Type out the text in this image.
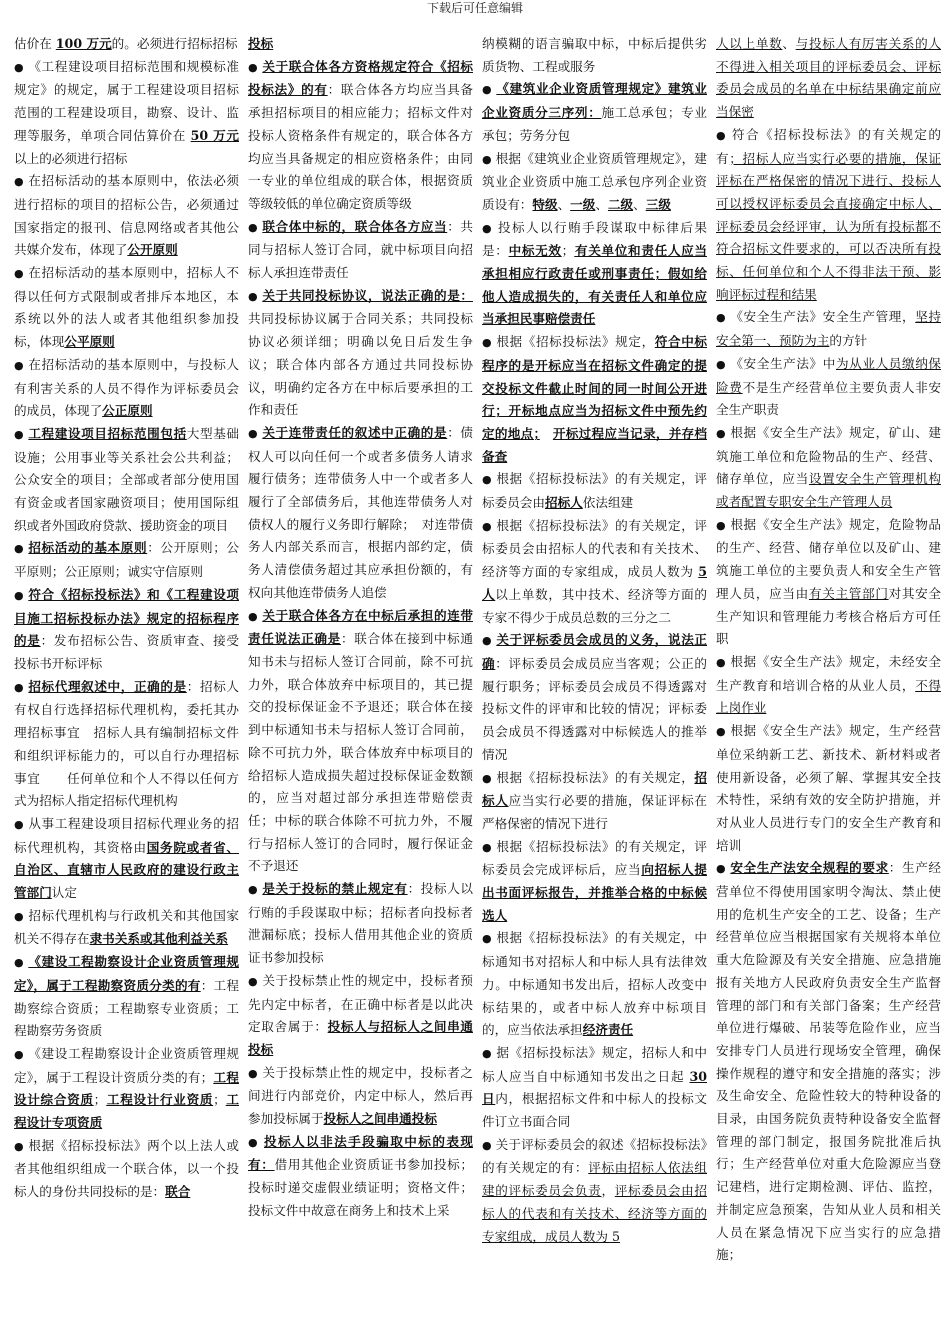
下载后可任意编辑

估价在 100 万元的。必须进行招标招标

● 《工程建设项目招标范围和规模标准规定》的规定，属于工程建设项目招标范围的工程建设项目，勘察、设计、监理等服务，单项合同估算价在 50 万元以上的必须进行招标

● 在招标活动的基本原则中，依法必须进行招标的项目的招标公告，必须通过国家指定的报刊、信息网络或者其他公共媒介发布，体现了公开原则

● 在招标活动的基本原则中，招标人不得以任何方式限制或者排斥本地区，本系统以外的法人或者其他组织参加投标，体现公平原则

● 在招标活动的基本原则中，与投标人有利害关系的人员不得作为评标委员会的成员，体现了公正原则

● 工程建设项目招标范围包括大型基础设施；公用事业等关系社会公共利益；公众安全的项目；全部或者部分使用国有资金或者国家融资项目；使用国际组织或者外国政府贷款、援助资金的项目

● 招标活动的基本原则：公开原则；公平原则；公正原则；诚实守信原则

● 符合《招标投标法》和《工程建设项目施工招标投标办法》规定的招标程序的是：发布招标公告、资质审查、接受投标书开标评标

● 招标代理叙述中，正确的是：招标人有权自行选择招标代理机构，委托其办理招标事宜　招标人具有编制招标文件和组织评标能力的，可以自行办理招标事宜　　任何单位和个人不得以任何方式为招标人指定招标代理机构

● 从事工程建设项目招标代理业务的招标代理机构，其资格由国务院或者省、自治区、直辖市人民政府的建设行政主管部门认定

● 招标代理机构与行政机关和其他国家机关不得存在隶书关系或其他利益关系

● 《建设工程勘察设计企业资质管理规定》，属于工程勘察资质分类的有：工程勘察综合资质；工程勘察专业资质；工程勘察劳务资质

● 《建设工程勘察设计企业资质管理规定》，属于工程设计资质分类的有；工程设计综合资质；工程设计行业资质；工程设计专项资质

● 根据《招标投标法》两个以上法人或者其他组织组成一个联合体，以一个投标人的身份共同投标的是：联合

投标

● 关于联合体各方资格规定符合《招标投标法》的有：联合体各方均应当具备承担招标项目的相应能力；招标文件对投标人资格条件有规定的，联合体各方均应当具备规定的相应资格条件；由同一专业的单位组成的联合体，根据资质等级较低的单位确定资质等级

● 联合体中标的，联合体各方应当：共同与招标人签订合同，就中标项目向招标人承担连带责任

● 关于共同投标协议，说法正确的是：共同投标协议属于合同关系；共同投标协议必须详细；明确以免日后发生争议；联合体内部各方通过共同投标协议，明确约定各方在中标后要承担的工作和责任

● 关于连带责任的叙述中正确的是：债权人可以向任何一个或者多债务人请求履行债务；连带债务人中一个或者多人履行了全部债务后，其他连带债务人对债权人的履行义务即行解除；　对连带债务人内部关系而言，根据内部约定，债务人清偿债务超过其应承担份额的，有权向其他连带债务人追偿

● 关于联合体各方在中标后承担的连带责任说法正确是：联合体在接到中标通知书未与招标人签订合同前，除不可抗力外，联合体放弃中标项目的，其已提交的投标保证金不予退还；联合体在接到中标通知书未与招标人签订合同前，除不可抗力外，联合体放弃中标项目的给招标人造成损失超过投标保证金数额的，应当对超过部分承担连带赔偿责任；中标的联合体除不可抗力外，不履行与招标人签订的合同时，履行保证金不予退还

● 是关于投标的禁止规定有：投标人以行贿的手段谋取中标；招标者向投标者泄漏标底；投标人借用其他企业的资质证书参加投标

● 关于投标禁止性的规定中，投标者预先内定中标者，在正确中标者是以此决定取舍属于：投标人与招标人之间串通投标

● 关于投标禁止性的规定中，投标者之间进行内部竞价，内定中标人，然后再参加投标属于投标人之间串通投标

● 投标人以非法手段骗取中标的表现有：借用其他企业资质证书参加投标；投标时递交虚假业绩证明；资格文件；投标文件中故意在商务上和技术上采

纳模糊的语言骗取中标，中标后提供劣质货物、工程或服务

● 《建筑业企业资质管理规定》建筑业企业资质分三序列：施工总承包；专业承包；劳务分包

● 根据《建筑业企业资质管理规定》，建筑业企业资质中施工总承包序列企业资质设有：特级、一级、二级、三级

● 投标人以行贿手段谋取中标律后果是：中标无效；有关单位和责任人应当承担相应行政责任或刑事责任；假如给他人造成损失的，有关责任人和单位应当承担民事赔偿责任

● 根据《招标投标法》规定，符合中标程序的是开标应当在招标文件确定的提交投标文件截止时间的同一时间公开进行；开标地点应当为招标文件中预先约定的地点；　 开标过程应当记录，并存档备查

● 根据《招标投标法》的有关规定，评标委员会由招标人依法组建

● 根据《招标投标法》的有关规定，评标委员会由招标人的代表和有关技术、经济等方面的专家组成，成员人数为 5 人以上单数，其中技术、经济等方面的专家不得少于成员总数的三分之二

● 关于评标委员会成员的义务，说法正确：评标委员会成员应当客观；公正的履行职务；评标委员会成员不得透露对投标文件的评审和比较的情况；评标委员会成员不得透露对中标候选人的推举情况

● 根据《招标投标法》的有关规定，招标人应当实行必要的措施，保证评标在严格保密的情况下进行

● 根据《招标投标法》的有关规定，评标委员会完成评标后，应当向招标人提出书面评标报告，并推举合格的中标候选人

● 根据《招标投标法》的有关规定，中标通知书对招标人和中标人具有法律效力。中标通知书发出后，招标人改变中标结果的，或者中标人放弃中标项目的，应当依法承担经济责任

● 据《招标投标法》规定，招标人和中标人应当自中标通知书发出之日起 30 日内，根据招标文件和中标人的投标文件订立书面合同

● 关于评标委员会的叙述《招标投标法》的有关规定的有：评标由招标人依法组建的评标委员会负责，评标委员会由招标人的代表和有关技术、经济等方面的专家组成，成员人数为 5

人以上单数、与投标人有厉害关系的人不得进入相关项目的评标委员会、评标委员会成员的名单在中标结果确定前应当保密

● 符合《招标投标法》的有关规定的有；招标人应当实行必要的措施，保证评标在严格保密的情况下进行、投标人可以授权评标委员会直接确定中标人、评标委员会经评审，认为所有投标都不符合招标文件要求的，可以否决所有投标、任何单位和个人不得非法干预、影响评标过程和结果

● 《安全生产法》安全生产管理，坚持安全第一、预防为主的方针

● 《安全生产法》中为从业人员缴纳保险费不是生产经营单位主要负责人非安全生产职责

● 根据《安全生产法》规定，矿山、建筑施工单位和危险物品的生产、经营、储存单位，应当设置安全生产管理机构或者配置专职安全生产管理人员

● 根据《安全生产法》规定，危险物品的生产、经营、储存单位以及矿山、建筑施工单位的主要负责人和安全生产管理人员，应当由有关主管部门对其安全生产知识和管理能力考核合格后方可任职

● 根据《安全生产法》规定，未经安全生产教育和培训合格的从业人员，不得上岗作业

● 根据《安全生产法》规定，生产经营单位采纳新工艺、新技术、新材料或者使用新设备，必须了解、掌握其安全技术特性，采纳有效的安全防护措施，并对从业人员进行专门的安全生产教育和培训

● 安全生产法安全规程的要求：生产经营单位不得使用国家明令淘汰、禁止使用的危机生产安全的工艺、设备；生产经营单位应当根据国家有关规将本单位重大危险源及有关安全措施、应急措施报有关地方人民政府负责安全生产监督管理的部门和有关部门备案；生产经营单位进行爆破、吊装等危险作业，应当安排专门人员进行现场安全管理，确保操作规程的遵守和安全措施的落实；涉及生命安全、危险性较大的特种设备的目录，由国务院负责特种设备安全监督管理的部门制定，报国务院批准后执行；生产经营单位对重大危险源应当登记建档，进行定期检测、评估、监控，并制定应急预案，告知从业人员和相关人员在紧急情况下应当实行的应急措施；
